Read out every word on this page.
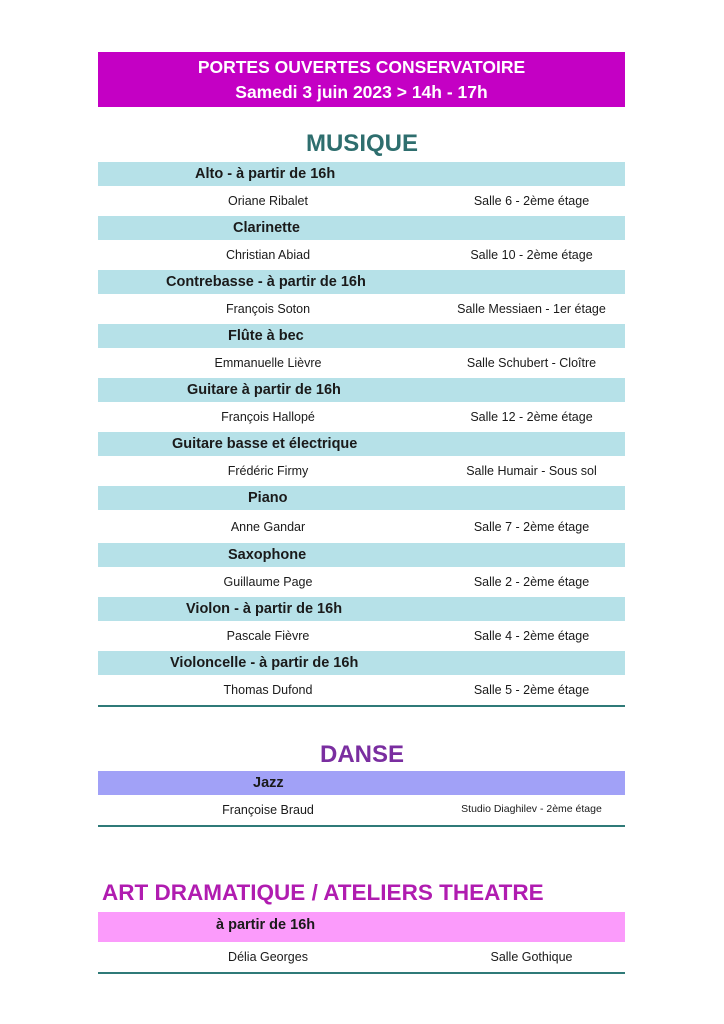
PORTES OUVERTES CONSERVATOIRE
Samedi 3 juin 2023 > 14h - 17h
MUSIQUE
Alto - à partir de 16h
Oriane Ribalet	Salle 6 - 2ème étage
Clarinette
Christian Abiad	Salle 10 - 2ème étage
Contrebasse - à partir de 16h
François Soton	Salle Messiaen - 1er étage
Flûte à bec
Emmanuelle Lièvre	Salle Schubert - Cloître
Guitare à partir de 16h
François Hallopé	Salle 12 - 2ème étage
Guitare basse et électrique
Frédéric Firmy	Salle Humair - Sous sol
Piano
Anne Gandar	Salle 7 - 2ème étage
Saxophone
Guillaume Page	Salle 2 - 2ème étage
Violon - à partir de 16h
Pascale Fièvre	Salle 4 - 2ème étage
Violoncelle - à partir de 16h
Thomas Dufond	Salle 5 - 2ème étage
DANSE
Jazz
Françoise Braud	Studio Diaghilev - 2ème étage
ART DRAMATIQUE / ATELIERS THEATRE
à partir de 16h
Délia Georges	Salle Gothique
